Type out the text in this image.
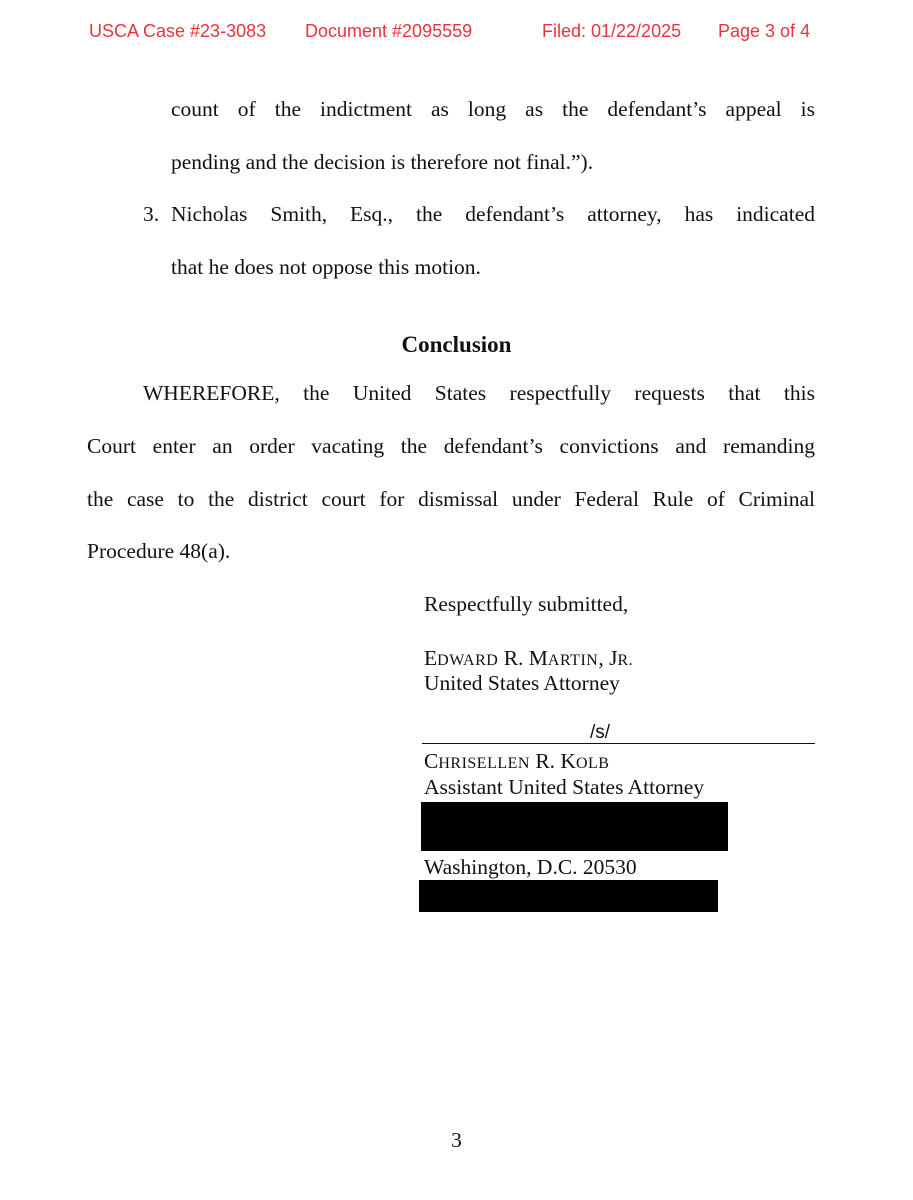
USCA Case #23-3083 Document #2095559	Filed: 01/22/2025 Page 3 of 4
count of the indictment as long as the defendant’s appeal is
pending and the decision is therefore not final.”).
3. Nicholas Smith, Esq., the defendant’s attorney, has indicated
that he does not oppose this motion.
Conclusion
WHEREFORE, the United States respectfully requests that this
Court enter an order vacating the defendant’s convictions and remanding
the case to the district court for dismissal under Federal Rule of Criminal
Procedure 48(a).
Respectfully submitted,
EDWARD R. MARTIN, JR.
United States Attorney
/s/
CHRISELLEN R. KOLB
Assistant United States Attorney
Washington, D.C. 20530
3
